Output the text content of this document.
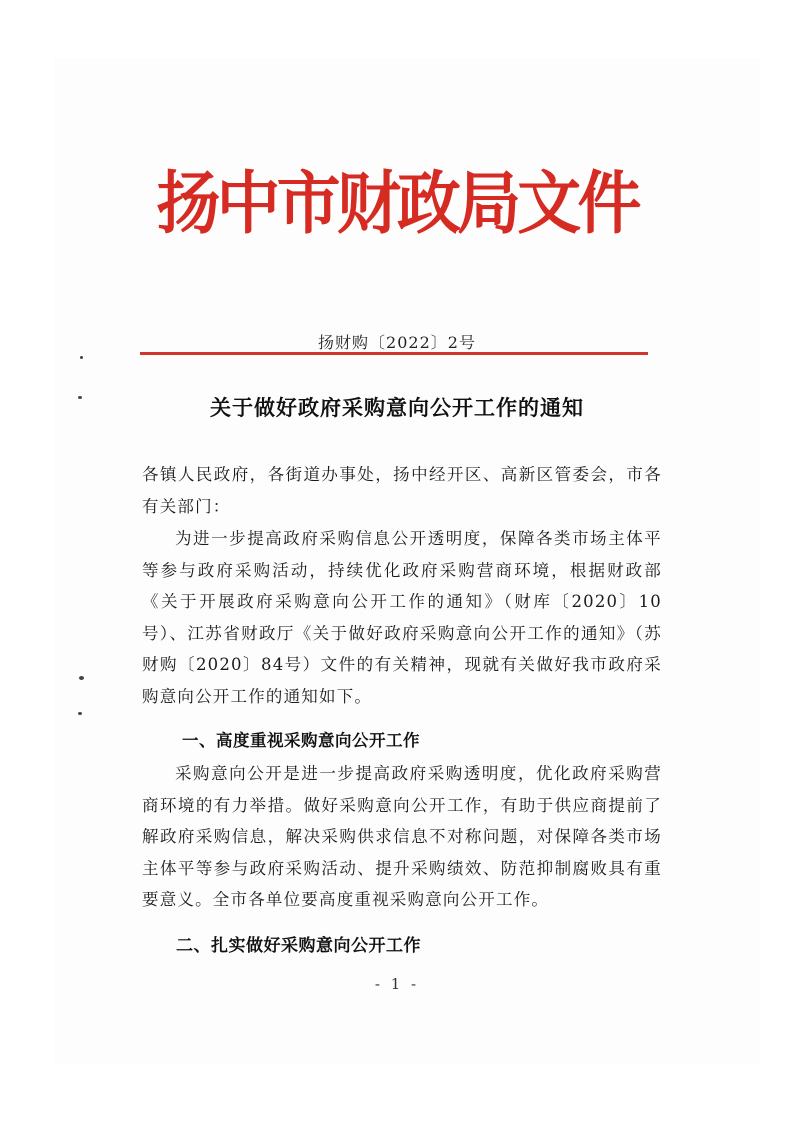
扬中市财政局文件
扬财购〔2022〕2号
关于做好政府采购意向公开工作的通知

各镇人民政府，各街道办事处，扬中经开区、高新区管委会，市各有关部门：

为进一步提高政府采购信息公开透明度，保障各类市场主体平等参与政府采购活动，持续优化政府采购营商环境，根据财政部《关于开展政府采购意向公开工作的通知》（财库〔2020〕10号）、江苏省财政厅《关于做好政府采购意向公开工作的通知》（苏财购〔2020〕84号）文件的有关精神，现就有关做好我市政府采购意向公开工作的通知如下。

一、高度重视采购意向公开工作

采购意向公开是进一步提高政府采购透明度，优化政府采购营商环境的有力举措。做好采购意向公开工作，有助于供应商提前了解政府采购信息，解决采购供求信息不对称问题，对保障各类市场主体平等参与政府采购活动、提升采购绩效、防范抑制腐败具有重要意义。全市各单位要高度重视采购意向公开工作。

二、扎实做好采购意向公开工作
- 1 -
